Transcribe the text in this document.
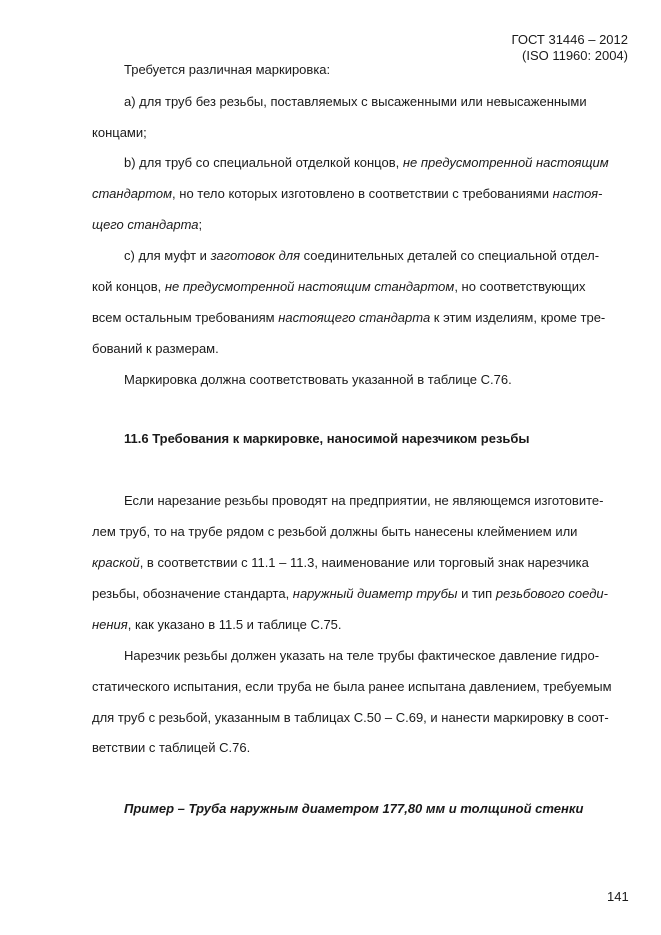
ГОСТ 31446 – 2012
(ISO 11960: 2004)
Требуется различная маркировка:
а) для труб без резьбы, поставляемых с высаженными или невысаженными
концами;
b) для труб со специальной отделкой концов, не предусмотренной настоящим
стандартом, но тело которых изготовлено в соответствии с требованиями настоя-
щего стандарта;
с) для муфт и заготовок для соединительных деталей со специальной отдел-
кой концов, не предусмотренной настоящим стандартом, но соответствующих
всем остальным требованиям настоящего стандарта к этим изделиям, кроме тре-
бований к размерам.
Маркировка должна соответствовать указанной в таблице С.76.
11.6 Требования к маркировке, наносимой нарезчиком резьбы
Если нарезание резьбы проводят на предприятии, не являющемся изготовите-
лем труб, то на трубе рядом с резьбой должны быть нанесены клеймением или
краской, в соответствии с 11.1 – 11.3, наименование или торговый знак нарезчика
резьбы, обозначение стандарта, наружный диаметр трубы и тип резьбового соеди-
нения, как указано в 11.5 и таблице С.75.
Нарезчик резьбы должен указать на теле трубы фактическое давление гидро-
статического испытания, если труба не была ранее испытана давлением, требуемым
для труб с резьбой, указанным в таблицах С.50 – С.69, и нанести маркировку в соот-
ветствии с таблицей С.76.
Пример – Труба наружным диаметром 177,80 мм и толщиной стенки
141
